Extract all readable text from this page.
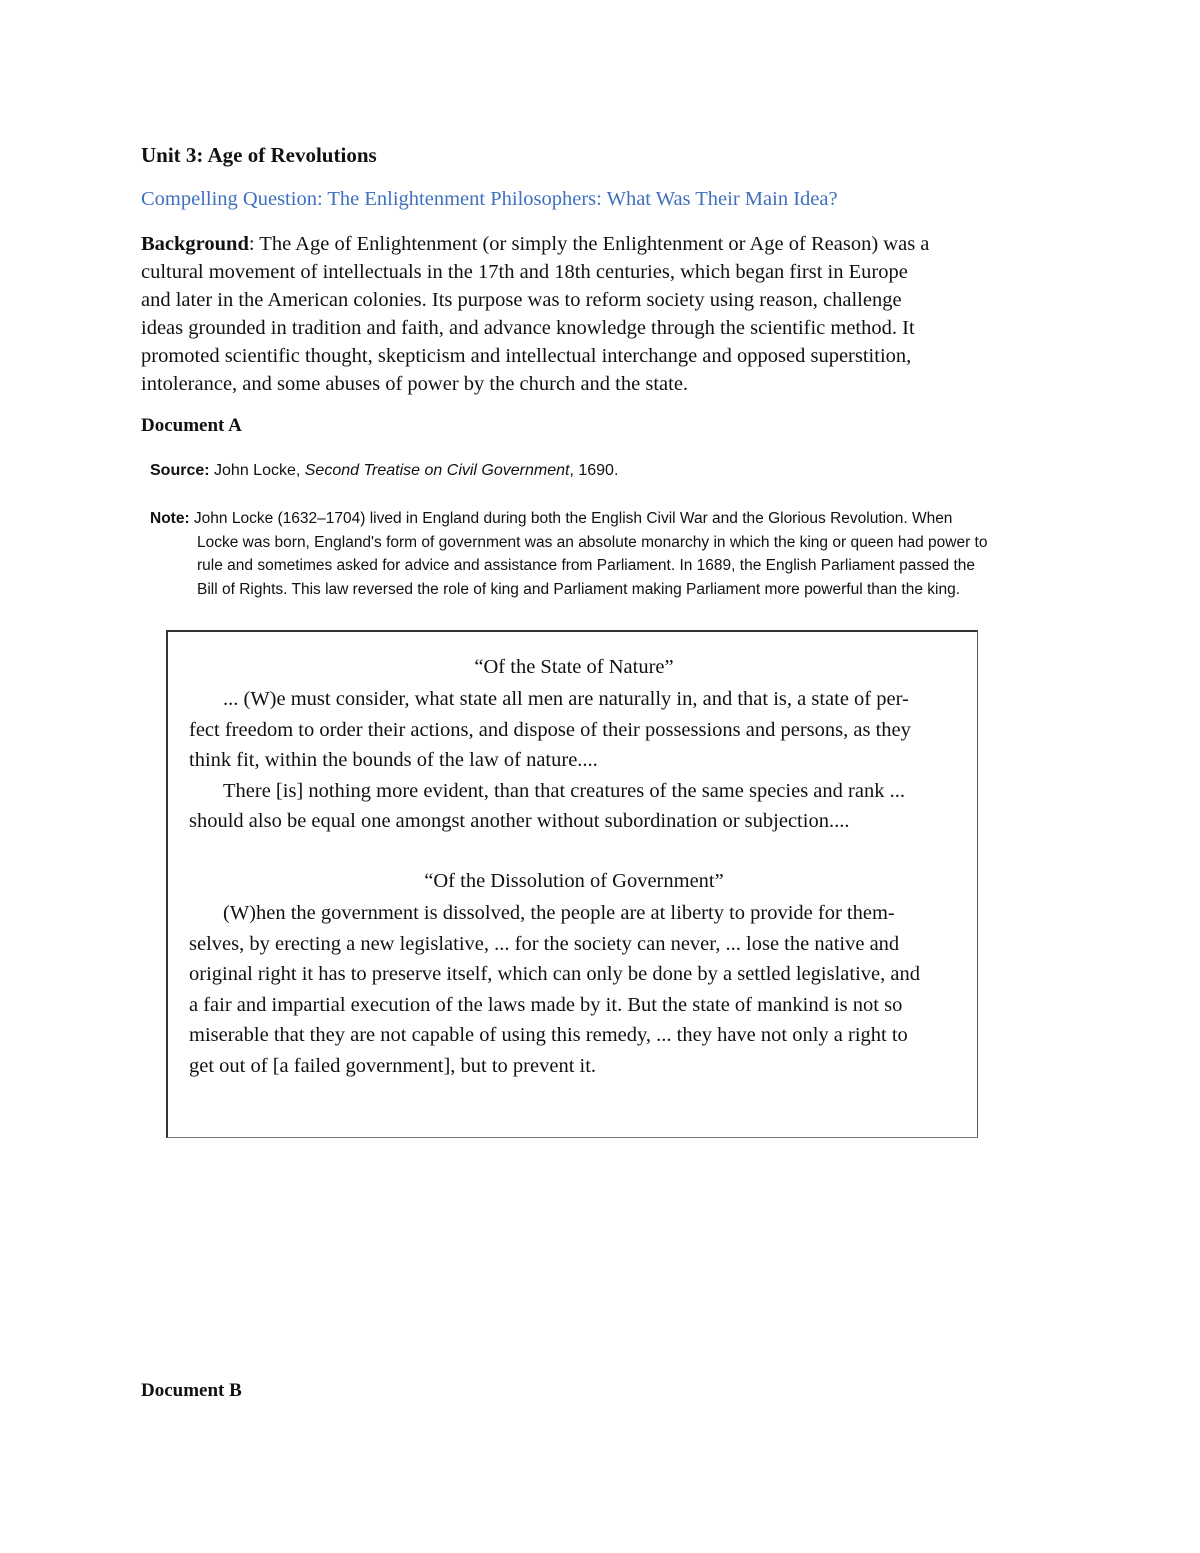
Unit 3: Age of Revolutions
Compelling Question: The Enlightenment Philosophers: What Was Their Main Idea?
Background: The Age of Enlightenment (or simply the Enlightenment or Age of Reason) was a
cultural movement of intellectuals in the 17th and 18th centuries, which began first in Europe
and later in the American colonies. Its purpose was to reform society using reason, challenge
ideas grounded in tradition and faith, and advance knowledge through the scientific method. It
promoted scientific thought, skepticism and intellectual interchange and opposed superstition,
intolerance, and some abuses of power by the church and the state.
Document A
Source: John Locke, Second Treatise on Civil Government, 1690.
Note: John Locke (1632–1704) lived in England during both the English Civil War and the Glorious Revolution. When
Locke was born, England's form of government was an absolute monarchy in which the king or queen had power to
rule and sometimes asked for advice and assistance from Parliament. In 1689, the English Parliament passed the
Bill of Rights. This law reversed the role of king and Parliament making Parliament more powerful than the king.
“Of the State of Nature”
... (W)e must consider, what state all men are naturally in, and that is, a state of per-
fect freedom to order their actions, and dispose of their possessions and persons, as they
think fit, within the bounds of the law of nature....
There [is] nothing more evident, than that creatures of the same species and rank ...
should also be equal one amongst another without subordination or subjection....
“Of the Dissolution of Government”
(W)hen the government is dissolved, the people are at liberty to provide for them-
selves, by erecting a new legislative, ... for the society can never, ... lose the native and
original right it has to preserve itself, which can only be done by a settled legislative, and
a fair and impartial execution of the laws made by it. But the state of mankind is not so
miserable that they are not capable of using this remedy, ... they have not only a right to
get out of [a failed government], but to prevent it.
Document B
